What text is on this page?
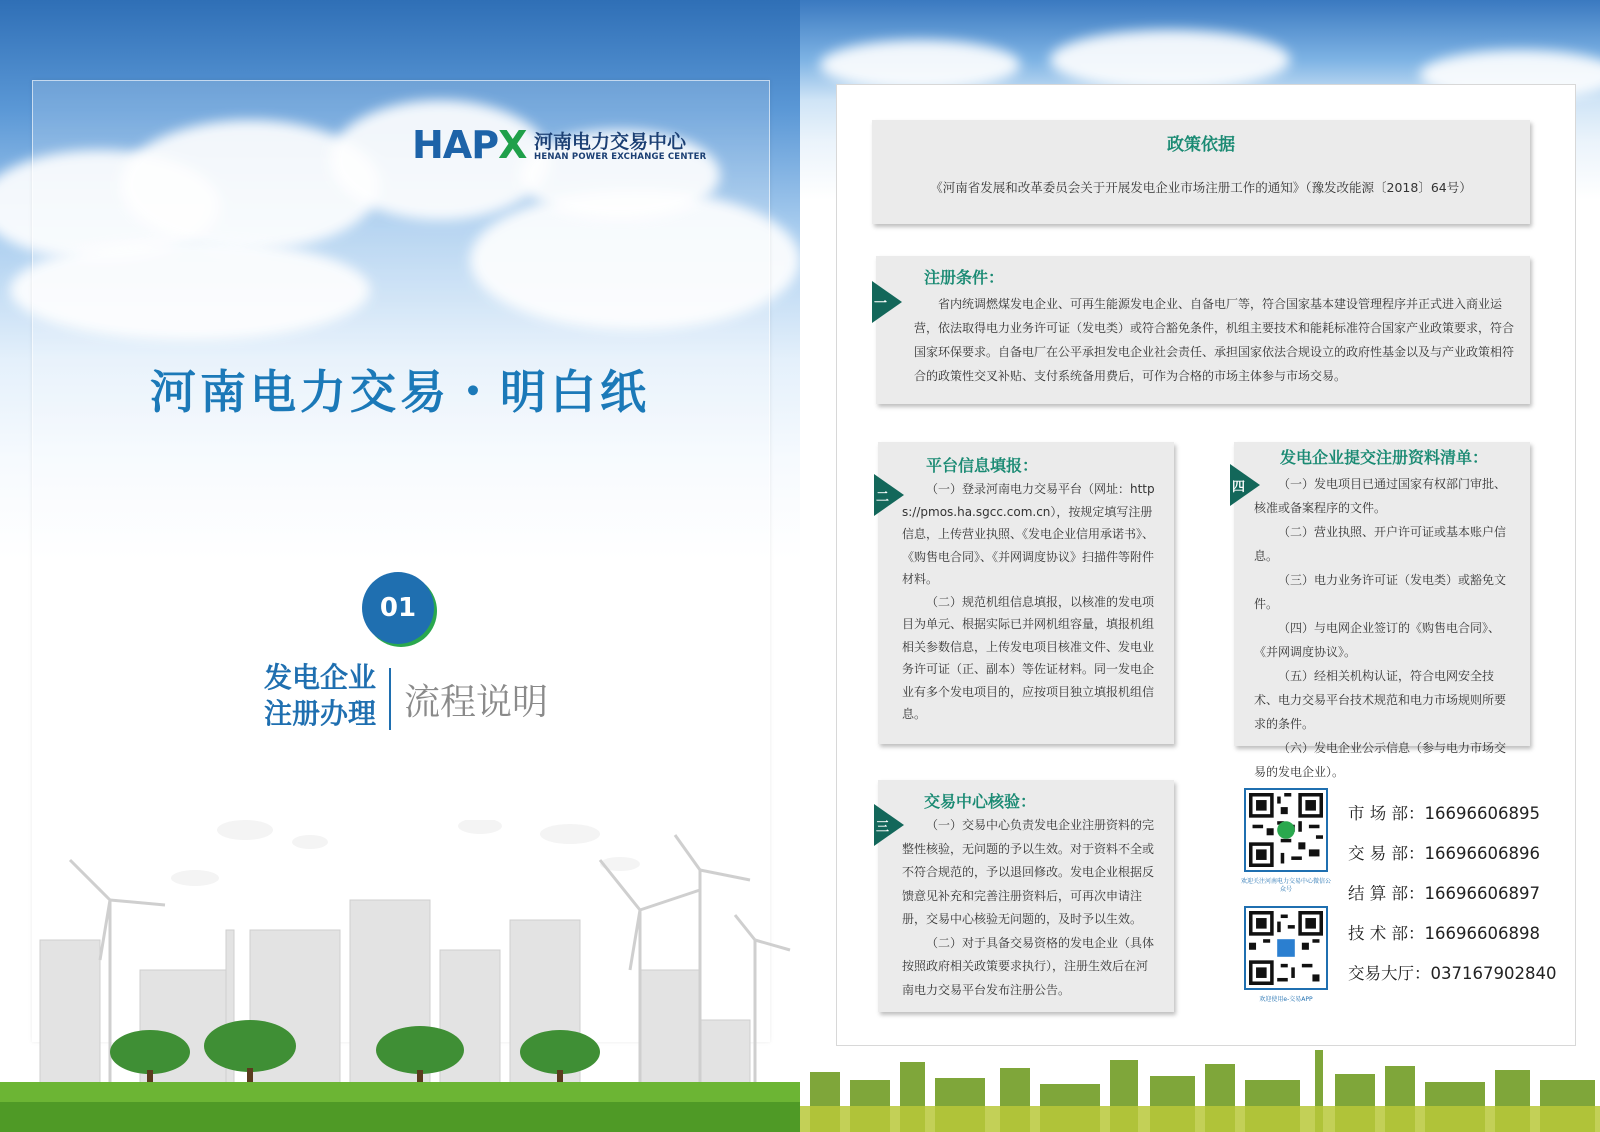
HAPX 河南电力交易中心
HENAN POWER EXCHANGE CENTER
河南电力交易・明白纸
01
发电企业
注册办理 流程说明
政策依据
《河南省发展和改革委员会关于开展发电企业市场注册工作的通知》（豫发改能源〔2018〕64号）
注册条件：

省内统调燃煤发电企业、可再生能源发电企业、自备电厂等，符合国家基本建设管理程序并正式进入商业运营，依法取得电力业务许可证（发电类）或符合豁免条件，机组主要技术和能耗标准符合国家产业政策要求，符合国家环保要求。自备电厂在公平承担发电企业社会责任、承担国家依法合规设立的政府性基金以及与产业政策相符合的政策性交叉补贴、支付系统备用费后，可作为合格的市场主体参与市场交易。

一
平台信息填报：

（一）登录河南电力交易平台（网址：https://pmos.ha.sgcc.com.cn），按规定填写注册信息，上传营业执照、《发电企业信用承诺书》、《购售电合同》、《并网调度协议》扫描件等附件材料。

（二）规范机组信息填报，以核准的发电项目为单元、根据实际已并网机组容量，填报机组相关参数信息，上传发电项目核准文件、发电业务许可证（正、副本）等佐证材料。同一发电企业有多个发电项目的，应按项目独立填报机组信息。

二
发电企业提交注册资料清单：

（一）发电项目已通过国家有权部门审批、核准或备案程序的文件。

（二）营业执照、开户许可证或基本账户信息。

（三）电力业务许可证（发电类）或豁免文件。

（四）与电网企业签订的《购售电合同》、《并网调度协议》。

（五）经相关机构认证，符合电网安全技术、电力交易平台技术规范和电力市场规则所要求的条件。

（六）发电企业公示信息（参与电力市场交易的发电企业）。

四
交易中心核验：

（一）交易中心负责发电企业注册资料的完整性核验，无问题的予以生效。对于资料不全或不符合规范的，予以退回修改。发电企业根据反馈意见补充和完善注册资料后，可再次申请注册，交易中心核验无问题的，及时予以生效。

（二）对于具备交易资格的发电企业（具体按照政府相关政策要求执行），注册生效后在河南电力交易平台发布注册公告。

三
欢迎关注河南电力交易中心微信公众号
欢迎使用e-交易APP
市 场 部：16696606895
交 易 部：16696606896
结 算 部：16696606897
技 术 部：16696606898
交易大厅：037167902840
